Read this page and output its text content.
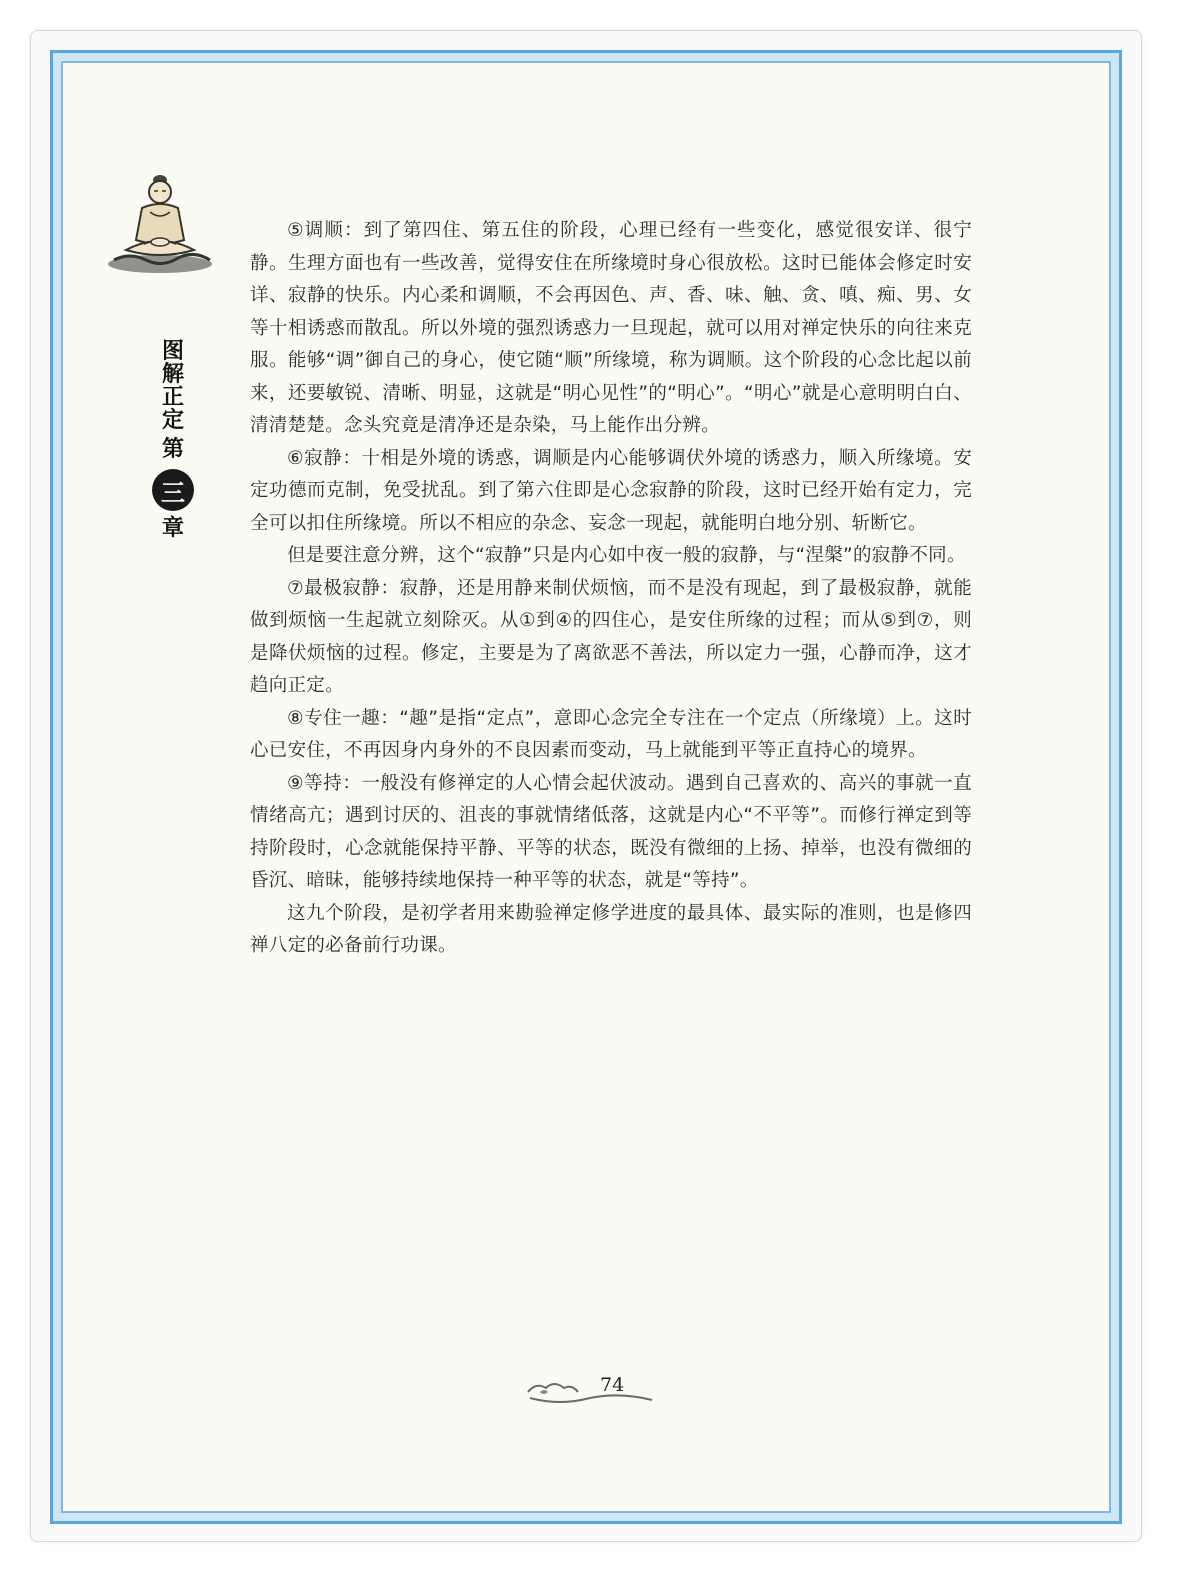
图
解
正
定
第
三
章

⑤调顺：到了第四住、第五住的阶段，心理已经有一些变化，感觉很安详、很宁静。生理方面也有一些改善，觉得安住在所缘境时身心很放松。这时已能体会修定时安详、寂静的快乐。内心柔和调顺，不会再因色、声、香、味、触、贪、嗔、痴、男、女等十相诱惑而散乱。所以外境的强烈诱惑力一旦现起，就可以用对禅定快乐的向往来克服。能够“调”御自己的身心，使它随“顺”所缘境，称为调顺。这个阶段的心念比起以前来，还要敏锐、清晰、明显，这就是“明心见性”的“明心”。“明心”就是心意明明白白、清清楚楚。念头究竟是清净还是杂染，马上能作出分辨。

⑥寂静：十相是外境的诱惑，调顺是内心能够调伏外境的诱惑力，顺入所缘境。安定功德而克制，免受扰乱。到了第六住即是心念寂静的阶段，这时已经开始有定力，完全可以扣住所缘境。所以不相应的杂念、妄念一现起，就能明白地分别、斩断它。

但是要注意分辨，这个“寂静”只是内心如中夜一般的寂静，与“涅槃”的寂静不同。

⑦最极寂静：寂静，还是用静来制伏烦恼，而不是没有现起，到了最极寂静，就能做到烦恼一生起就立刻除灭。从①到④的四住心，是安住所缘的过程；而从⑤到⑦，则是降伏烦恼的过程。修定，主要是为了离欲恶不善法，所以定力一强，心静而净，这才趋向正定。

⑧专住一趣：“趣”是指“定点”，意即心念完全专注在一个定点（所缘境）上。这时心已安住，不再因身内身外的不良因素而变动，马上就能到平等正直持心的境界。

⑨等持：一般没有修禅定的人心情会起伏波动。遇到自己喜欢的、高兴的事就一直情绪高亢；遇到讨厌的、沮丧的事就情绪低落，这就是内心“不平等”。而修行禅定到等持阶段时，心念就能保持平静、平等的状态，既没有微细的上扬、掉举，也没有微细的昏沉、暗昧，能够持续地保持一种平等的状态，就是“等持”。

这九个阶段，是初学者用来勘验禅定修学进度的最具体、最实际的准则，也是修四禅八定的必备前行功课。

74
